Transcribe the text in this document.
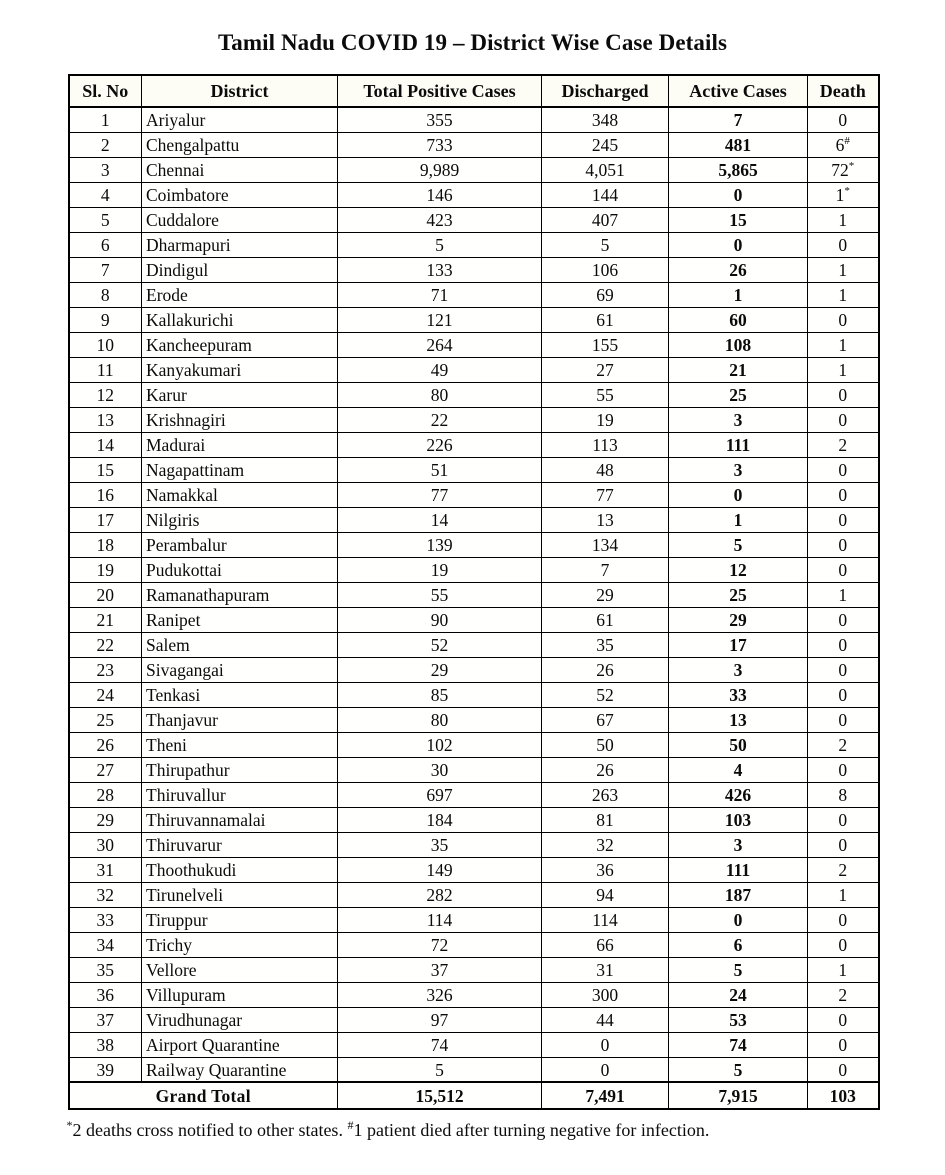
Tamil Nadu COVID 19 – District Wise Case Details
Sl. No	District	Total Positive Cases	Discharged	Active Cases	Death
1	Ariyalur	355	348	7	0
2	Chengalpattu	733	245	481	6#
3	Chennai	9,989	4,051	5,865	72*
4	Coimbatore	146	144	0	1*
5	Cuddalore	423	407	15	1
6	Dharmapuri	5	5	0	0
7	Dindigul	133	106	26	1
8	Erode	71	69	1	1
9	Kallakurichi	121	61	60	0
10	Kancheepuram	264	155	108	1
11	Kanyakumari	49	27	21	1
12	Karur	80	55	25	0
13	Krishnagiri	22	19	3	0
14	Madurai	226	113	111	2
15	Nagapattinam	51	48	3	0
16	Namakkal	77	77	0	0
17	Nilgiris	14	13	1	0
18	Perambalur	139	134	5	0
19	Pudukottai	19	7	12	0
20	Ramanathapuram	55	29	25	1
21	Ranipet	90	61	29	0
22	Salem	52	35	17	0
23	Sivagangai	29	26	3	0
24	Tenkasi	85	52	33	0
25	Thanjavur	80	67	13	0
26	Theni	102	50	50	2
27	Thirupathur	30	26	4	0
28	Thiruvallur	697	263	426	8
29	Thiruvannamalai	184	81	103	0
30	Thiruvarur	35	32	3	0
31	Thoothukudi	149	36	111	2
32	Tirunelveli	282	94	187	1
33	Tiruppur	114	114	0	0
34	Trichy	72	66	6	0
35	Vellore	37	31	5	1
36	Villupuram	326	300	24	2
37	Virudhunagar	97	44	53	0
38	Airport Quarantine	74	0	74	0
39	Railway Quarantine	5	0	5	0
Grand Total		15,512	7,491	7,915	103
*2 deaths cross notified to other states. #1 patient died after turning negative for infection.
